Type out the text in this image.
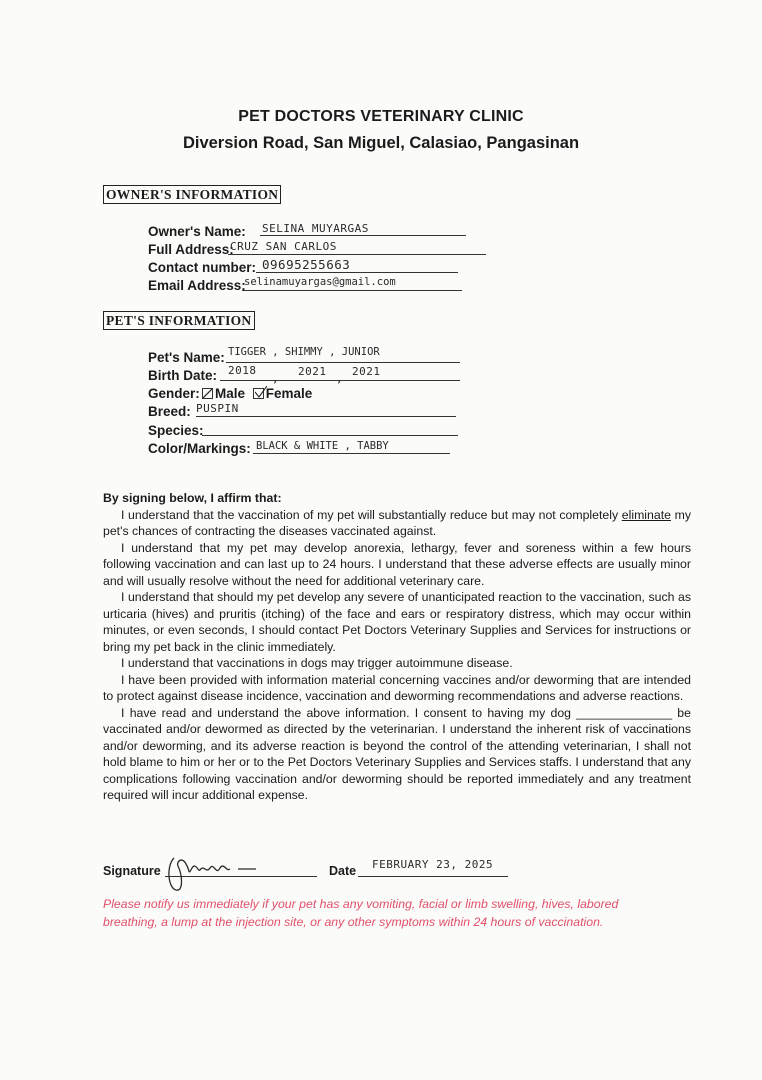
PET DOCTORS VETERINARY CLINIC
Diversion Road, San Miguel, Calasiao, Pangasinan
OWNER'S INFORMATION
Owner's Name: SELINA MUYARGAS
Full Address:
CRUZ SAN CARLOS
Contact number: 09695255663
Email Address:
selinamuyargas@gmail.com
PET'S INFORMATION
Pet's Name: TIGGER , SHIMMY , JUNIOR
Birth Date: 2018
,
2021
,
2021
Gender:	Male Female
Breed: PUSPIN
Species:
Color/Markings: BLACK & WHITE , TABBY

By signing below, I affirm that:

I understand that the vaccination of my pet will substantially reduce but may not completely eliminate my pet's chances of contracting the diseases vaccinated against.

I understand that my pet may develop anorexia, lethargy, fever and soreness within a few hours following vaccination and can last up to 24 hours. I understand that these adverse effects are usually minor and will usually resolve without the need for additional veterinary care.

I understand that should my pet develop any severe of unanticipated reaction to the vaccination, such as urticaria (hives) and pruritis (itching) of the face and ears or respiratory distress, which may occur within minutes, or even seconds, I should contact Pet Doctors Veterinary Supplies and Services for instructions or bring my pet back in the clinic immediately.

I understand that vaccinations in dogs may trigger autoimmune disease.

I have been provided with information material concerning vaccines and/or deworming that are intended to protect against disease incidence, vaccination and deworming recommendations and adverse reactions.

I have read and understand the above information. I consent to having my dog ______________ be vaccinated and/or dewormed as directed by the veterinarian. I understand the inherent risk of vaccinations and/or deworming, and its adverse reaction is beyond the control of the attending veterinarian, I shall not hold blame to him or her or to the Pet Doctors Veterinary Supplies and Services staffs. I understand that any complications following vaccination and/or deworming should be reported immediately and any treatment required will incur additional expense.

Signature	Date FEBRUARY 23, 2025
Please notify us immediately if your pet has any vomiting, facial or limb swelling, hives, labored breathing, a lump at the injection site, or any other symptoms within 24 hours of vaccination.
